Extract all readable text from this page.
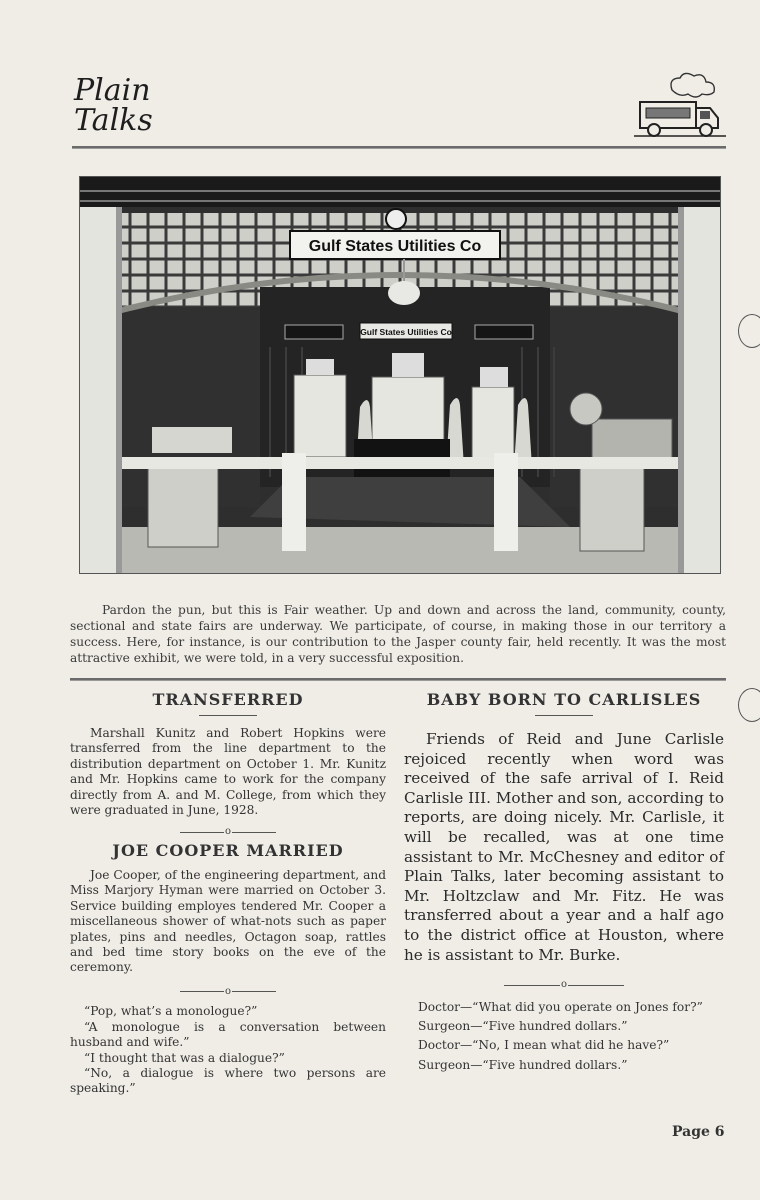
Plain
Talks
Gulf States Utilities Co
Gulf States Utilities Co

Pardon the pun, but this is Fair weather. Up and down and across the land, community, county, sectional and state fairs are underway. We participate, of course, in making those in our territory a success. Here, for instance, is our contribution to the Jasper county fair, held recently. It was the most attractive exhibit, we were told, in a very successful exposition.

TRANSFERRED

Marshall Kunitz and Robert Hopkins were transferred from the line department to the distribution department on October 1. Mr. Kunitz and Mr. Hopkins came to work for the company directly from A. and M. College, from which they were graduated in June, 1928.

o
JOE COOPER MARRIED

Joe Cooper, of the engineering department, and Miss Marjory Hyman were married on October 3. Service building employes tendered Mr. Cooper a miscellaneous shower of what-nots such as paper plates, pins and needles, Octagon soap, rattles and bed time story books on the eve of the ceremony.

o

“Pop, what’s a monologue?”

“A monologue is a conversation between husband and wife.”

“I thought that was a dialogue?”

“No, a dialogue is where two persons are speaking.”

BABY BORN TO CARLISLES

Friends of Reid and June Carlisle rejoiced recently when word was received of the safe arrival of I. Reid Carlisle III. Mother and son, according to reports, are doing nicely. Mr. Carlisle, it will be recalled, was at one time assistant to Mr. McChesney and editor of Plain Talks, later becoming assistant to Mr. Holtzclaw and Mr. Fitz. He was transferred about a year and a half ago to the district office at Houston, where he is assistant to Mr. Burke.

o

Doctor—“What did you operate on Jones for?”

Surgeon—“Five hundred dollars.”

Doctor—“No, I mean what did he have?”

Surgeon—“Five hundred dollars.”

Page 6
